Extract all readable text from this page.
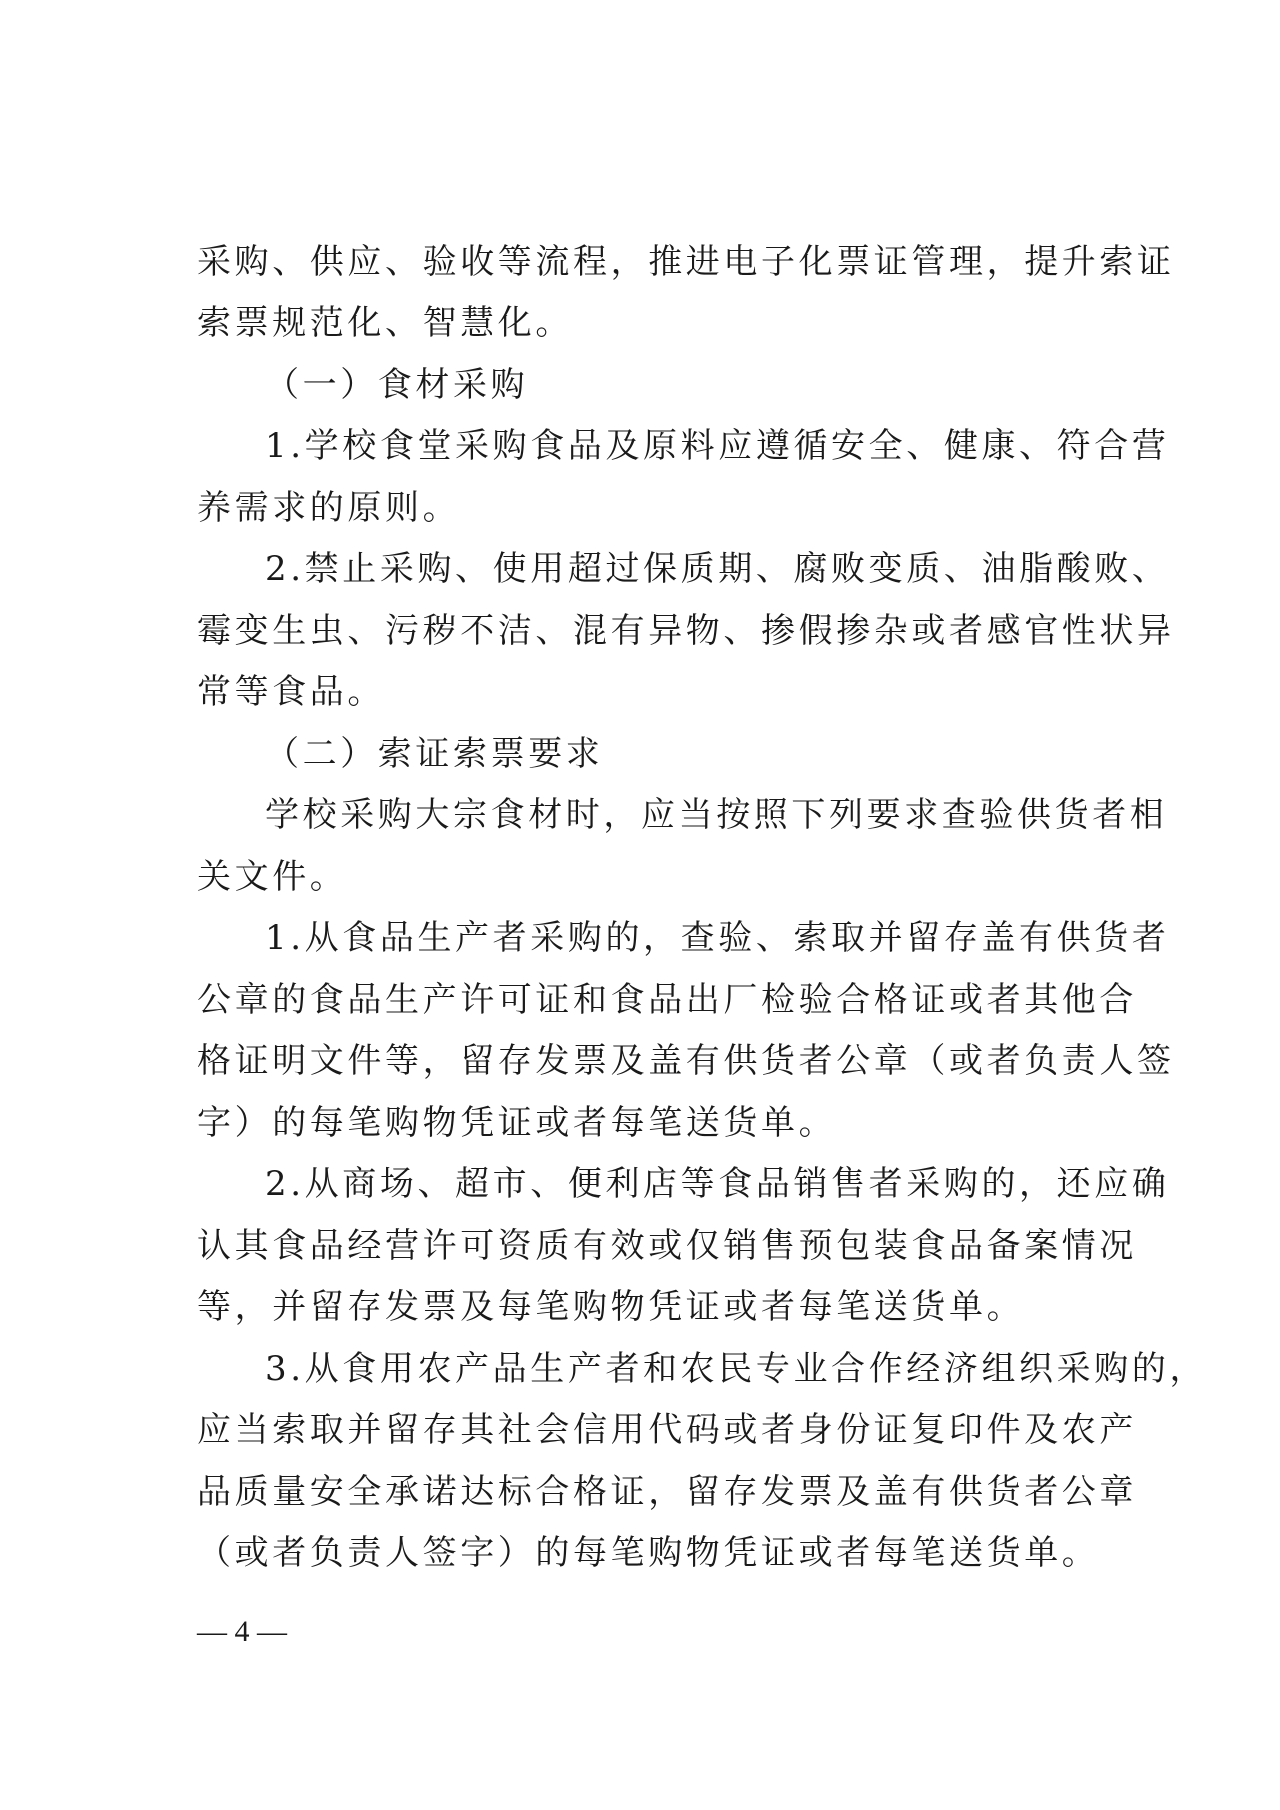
采购、供应、验收等流程，推进电子化票证管理，提升索证
索票规范化、智慧化。
（一）食材采购
1.学校食堂采购食品及原料应遵循安全、健康、符合营
养需求的原则。
2.禁止采购、使用超过保质期、腐败变质、油脂酸败、
霉变生虫、污秽不洁、混有异物、掺假掺杂或者感官性状异
常等食品。
（二）索证索票要求
学校采购大宗食材时，应当按照下列要求查验供货者相
关文件。
1.从食品生产者采购的，查验、索取并留存盖有供货者
公章的食品生产许可证和食品出厂检验合格证或者其他合
格证明文件等，留存发票及盖有供货者公章（或者负责人签
字）的每笔购物凭证或者每笔送货单。
2.从商场、超市、便利店等食品销售者采购的，还应确
认其食品经营许可资质有效或仅销售预包装食品备案情况
等，并留存发票及每笔购物凭证或者每笔送货单。
3.从食用农产品生产者和农民专业合作经济组织采购的，
应当索取并留存其社会信用代码或者身份证复印件及农产
品质量安全承诺达标合格证，留存发票及盖有供货者公章
（或者负责人签字）的每笔购物凭证或者每笔送货单。
— 4 —
